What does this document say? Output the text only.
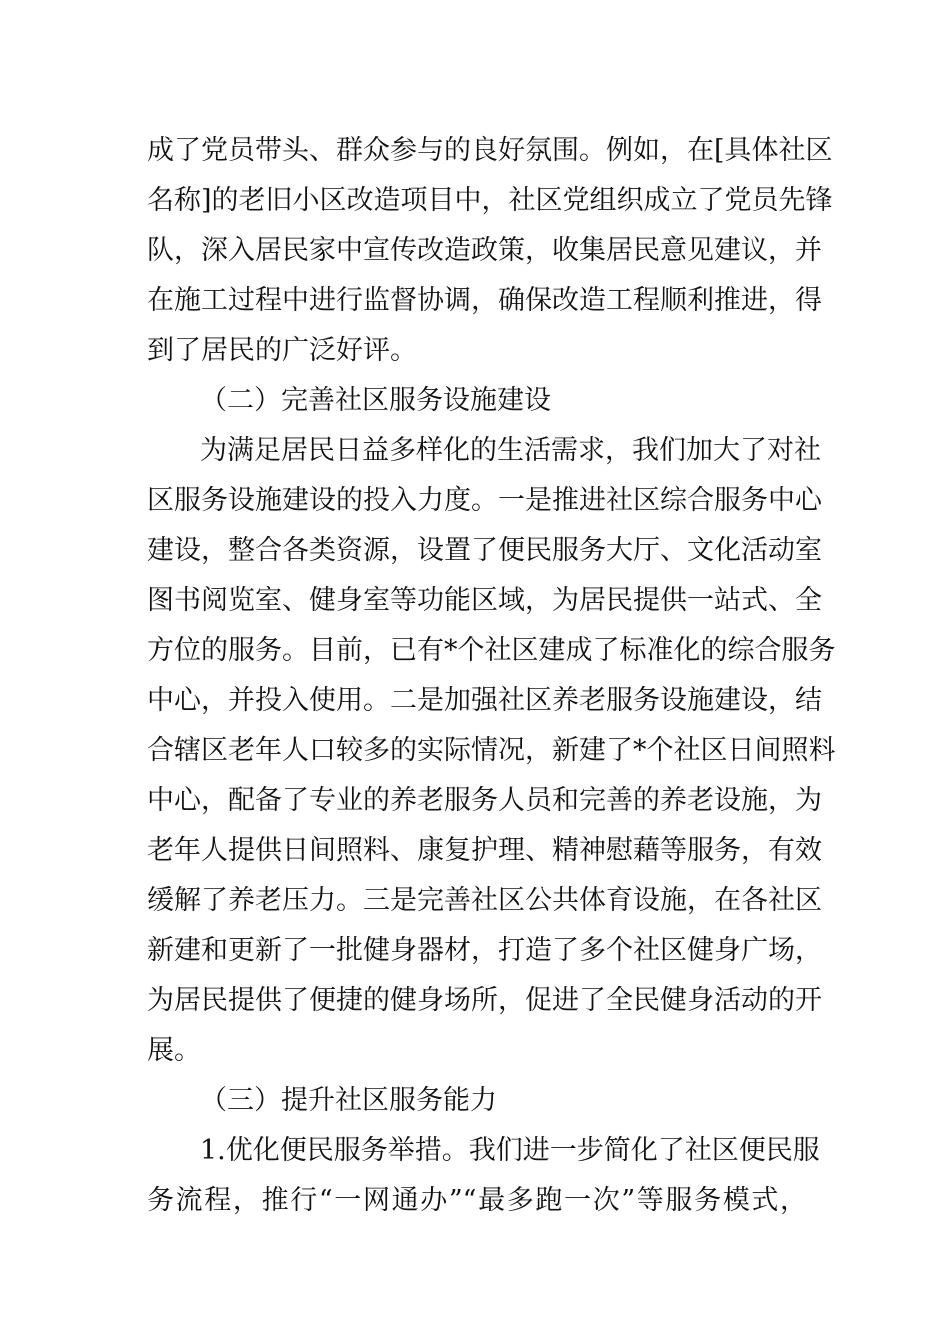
成了党员带头、群众参与的良好氛围。例如，在[具体社区
名称]的老旧小区改造项目中，社区党组织成立了党员先锋
队，深入居民家中宣传改造政策，收集居民意见建议，并
在施工过程中进行监督协调，确保改造工程顺利推进，得
到了居民的广泛好评。
（二）完善社区服务设施建设
为满足居民日益多样化的生活需求，我们加大了对社
区服务设施建设的投入力度。一是推进社区综合服务中心
建设，整合各类资源，设置了便民服务大厅、文化活动室
图书阅览室、健身室等功能区域，为居民提供一站式、全
方位的服务。目前，已有*个社区建成了标准化的综合服务
中心，并投入使用。二是加强社区养老服务设施建设，结
合辖区老年人口较多的实际情况，新建了*个社区日间照料
中心，配备了专业的养老服务人员和完善的养老设施，为
老年人提供日间照料、康复护理、精神慰藉等服务，有效
缓解了养老压力。三是完善社区公共体育设施，在各社区
新建和更新了一批健身器材，打造了多个社区健身广场，
为居民提供了便捷的健身场所，促进了全民健身活动的开
展。
（三）提升社区服务能力
1.优化便民服务举措。我们进一步简化了社区便民服
务流程，推行“一网通办”“最多跑一次”等服务模式，
